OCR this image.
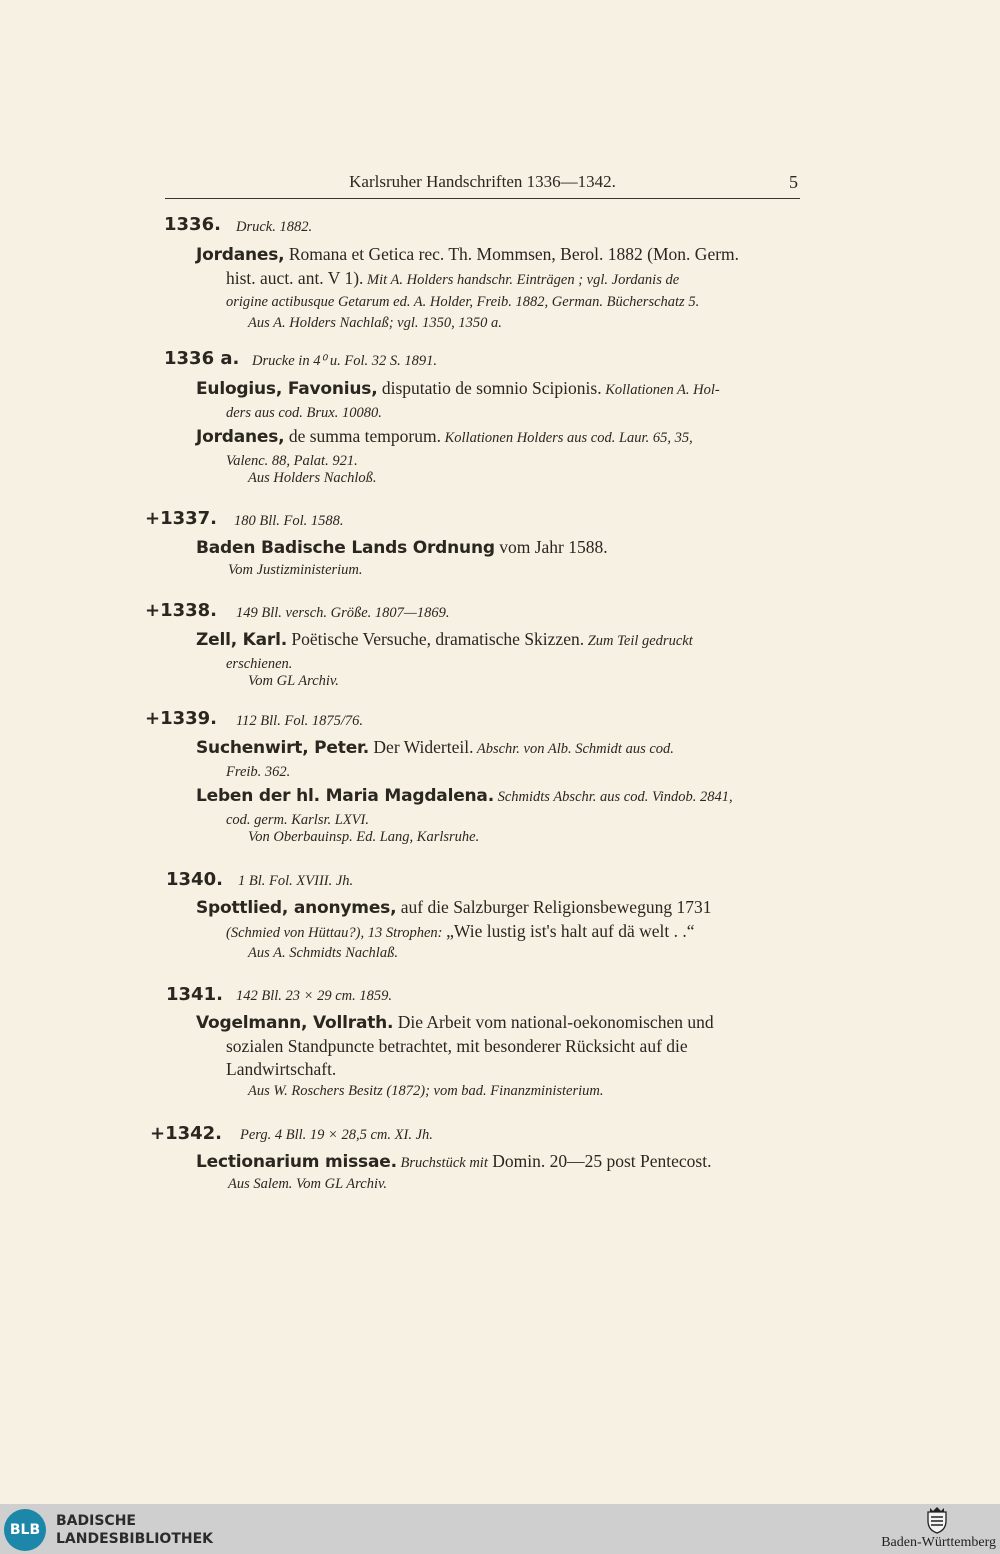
Karlsruher Handschriften 1336—1342.	5
1336. Druck. 1882.
Jordanes, Romana et Getica rec. Th. Mommsen, Berol. 1882 (Mon. Germ.
hist. auct. ant. V 1). Mit A. Holders handschr. Einträgen ; vgl. Jordanis de
origine actibusque Getarum ed. A. Holder, Freib. 1882, German. Bücherschatz 5.
Aus A. Holders Nachlaß; vgl. 1350, 1350 a.
1336 a. Drucke in 4⁰ u. Fol. 32 S. 1891.
Eulogius, Favonius, disputatio de somnio Scipionis. Kollationen A. Hol-
ders aus cod. Brux. 10080.
Jordanes, de summa temporum. Kollationen Holders aus cod. Laur. 65, 35,
Valenc. 88, Palat. 921.
Aus Holders Nachloß.
+1337. 180 Bll. Fol. 1588.
Baden Badische Lands Ordnung vom Jahr 1588.
Vom Justizministerium.
+1338. 149 Bll. versch. Größe. 1807—1869.
Zell, Karl. Poëtische Versuche, dramatische Skizzen. Zum Teil gedruckt
erschienen.
Vom GL Archiv.
+1339. 112 Bll. Fol. 1875/76.
Suchenwirt, Peter. Der Widerteil. Abschr. von Alb. Schmidt aus cod.
Freib. 362.
Leben der hl. Maria Magdalena. Schmidts Abschr. aus cod. Vindob. 2841,
cod. germ. Karlsr. LXVI.
Von Oberbauinsp. Ed. Lang, Karlsruhe.
1340. 1 Bl. Fol. XVIII. Jh.
Spottlied, anonymes, auf die Salzburger Religionsbewegung 1731
(Schmied von Hüttau?), 13 Strophen: „Wie lustig ist's halt auf dä welt . .“
Aus A. Schmidts Nachlaß.
1341. 142 Bll. 23 × 29 cm. 1859.
Vogelmann, Vollrath. Die Arbeit vom national-oekonomischen und
sozialen Standpuncte betrachtet, mit besonderer Rücksicht auf die
Landwirtschaft.
Aus W. Roschers Besitz (1872); vom bad. Finanzministerium.
+1342. Perg. 4 Bll. 19 × 28,5 cm. XI. Jh.
Lectionarium missae. Bruchstück mit Domin. 20—25 post Pentecost.
Aus Salem. Vom GL Archiv.
BLB
BADISCHE
LANDESBIBLIOTHEK	Baden-Württemberg
